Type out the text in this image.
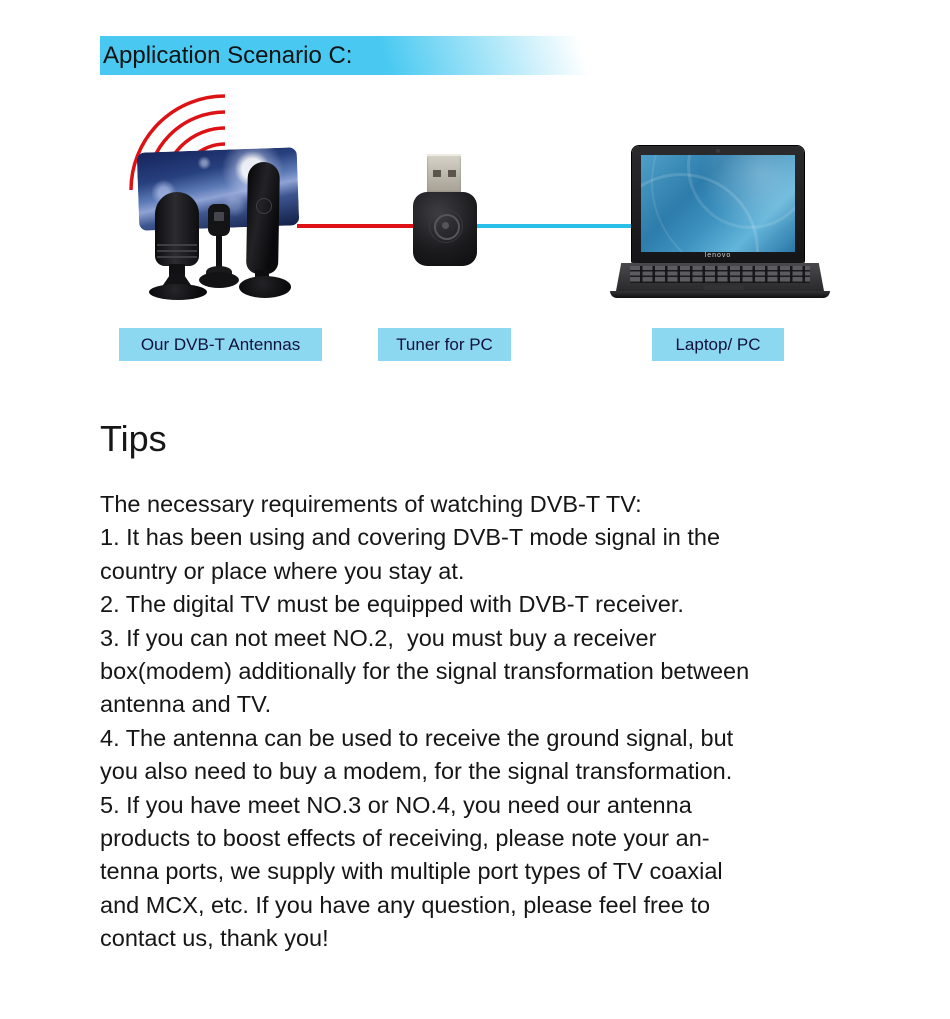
Application Scenario C:
lenovo
Our DVB-T Antennas	Tuner for PC	Laptop/ PC
Tips
The necessary requirements of watching DVB-T TV:
1. It has been using and covering DVB-T mode signal in the
country or place where you stay at.
2. The digital TV must be equipped with DVB-T receiver.
3. If you can not meet NO.2,  you must buy a receiver
box(modem) additionally for the signal transformation between
antenna and TV.
4. The antenna can be used to receive the ground signal, but
you also need to buy a modem, for the signal transformation.
5. If you have meet NO.3 or NO.4, you need our antenna
products to boost effects of receiving, please note your an-
tenna ports, we supply with multiple port types of TV coaxial
and MCX, etc. If you have any question, please feel free to
contact us, thank you!
